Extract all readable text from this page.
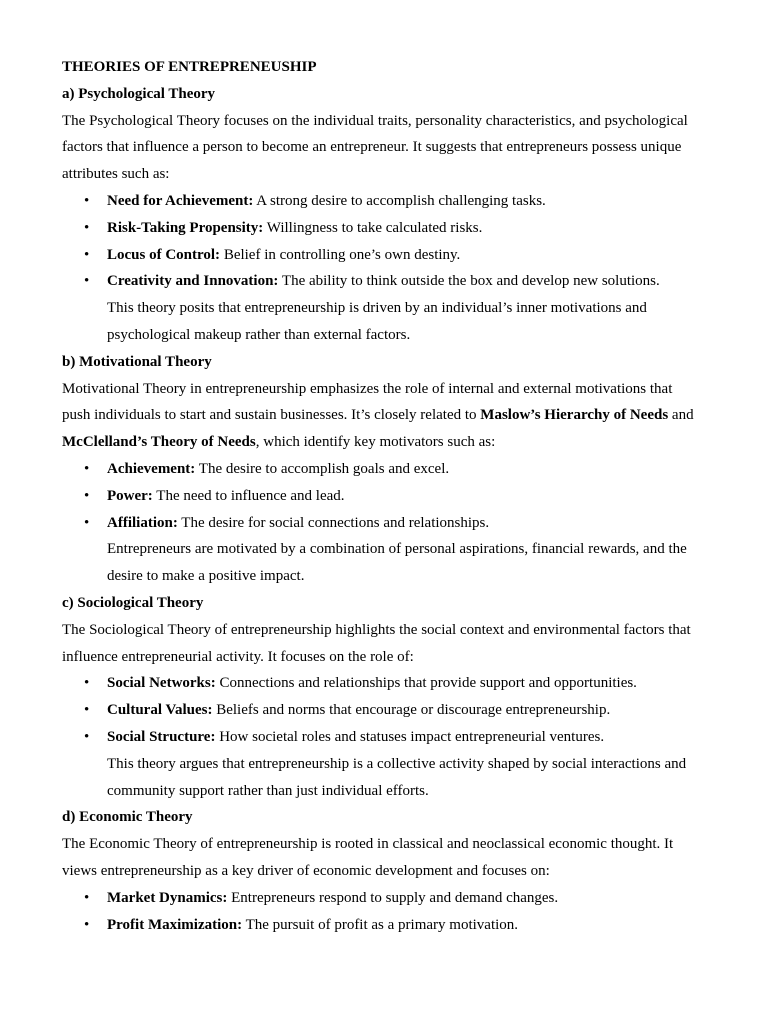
THEORIES OF ENTREPRENEUSHIP

a) Psychological Theory

The Psychological Theory focuses on the individual traits, personality characteristics, and psychological

factors that influence a person to become an entrepreneur. It suggests that entrepreneurs possess unique

attributes such as:

• Need for Achievement: A strong desire to accomplish challenging tasks.
• Risk-Taking Propensity: Willingness to take calculated risks.
• Locus of Control: Belief in controlling one’s own destiny.
• Creativity and Innovation: The ability to think outside the box and develop new solutions.

This theory posits that entrepreneurship is driven by an individual’s inner motivations and

psychological makeup rather than external factors.

b) Motivational Theory

Motivational Theory in entrepreneurship emphasizes the role of internal and external motivations that

push individuals to start and sustain businesses. It’s closely related to Maslow’s Hierarchy of Needs and

McClelland’s Theory of Needs, which identify key motivators such as:

• Achievement: The desire to accomplish goals and excel.
• Power: The need to influence and lead.
• Affiliation: The desire for social connections and relationships.

Entrepreneurs are motivated by a combination of personal aspirations, financial rewards, and the

desire to make a positive impact.

c) Sociological Theory

The Sociological Theory of entrepreneurship highlights the social context and environmental factors that

influence entrepreneurial activity. It focuses on the role of:

• Social Networks: Connections and relationships that provide support and opportunities.
• Cultural Values: Beliefs and norms that encourage or discourage entrepreneurship.
• Social Structure: How societal roles and statuses impact entrepreneurial ventures.

This theory argues that entrepreneurship is a collective activity shaped by social interactions and

community support rather than just individual efforts.

d) Economic Theory

The Economic Theory of entrepreneurship is rooted in classical and neoclassical economic thought. It

views entrepreneurship as a key driver of economic development and focuses on:

• Market Dynamics: Entrepreneurs respond to supply and demand changes.
• Profit Maximization: The pursuit of profit as a primary motivation.
